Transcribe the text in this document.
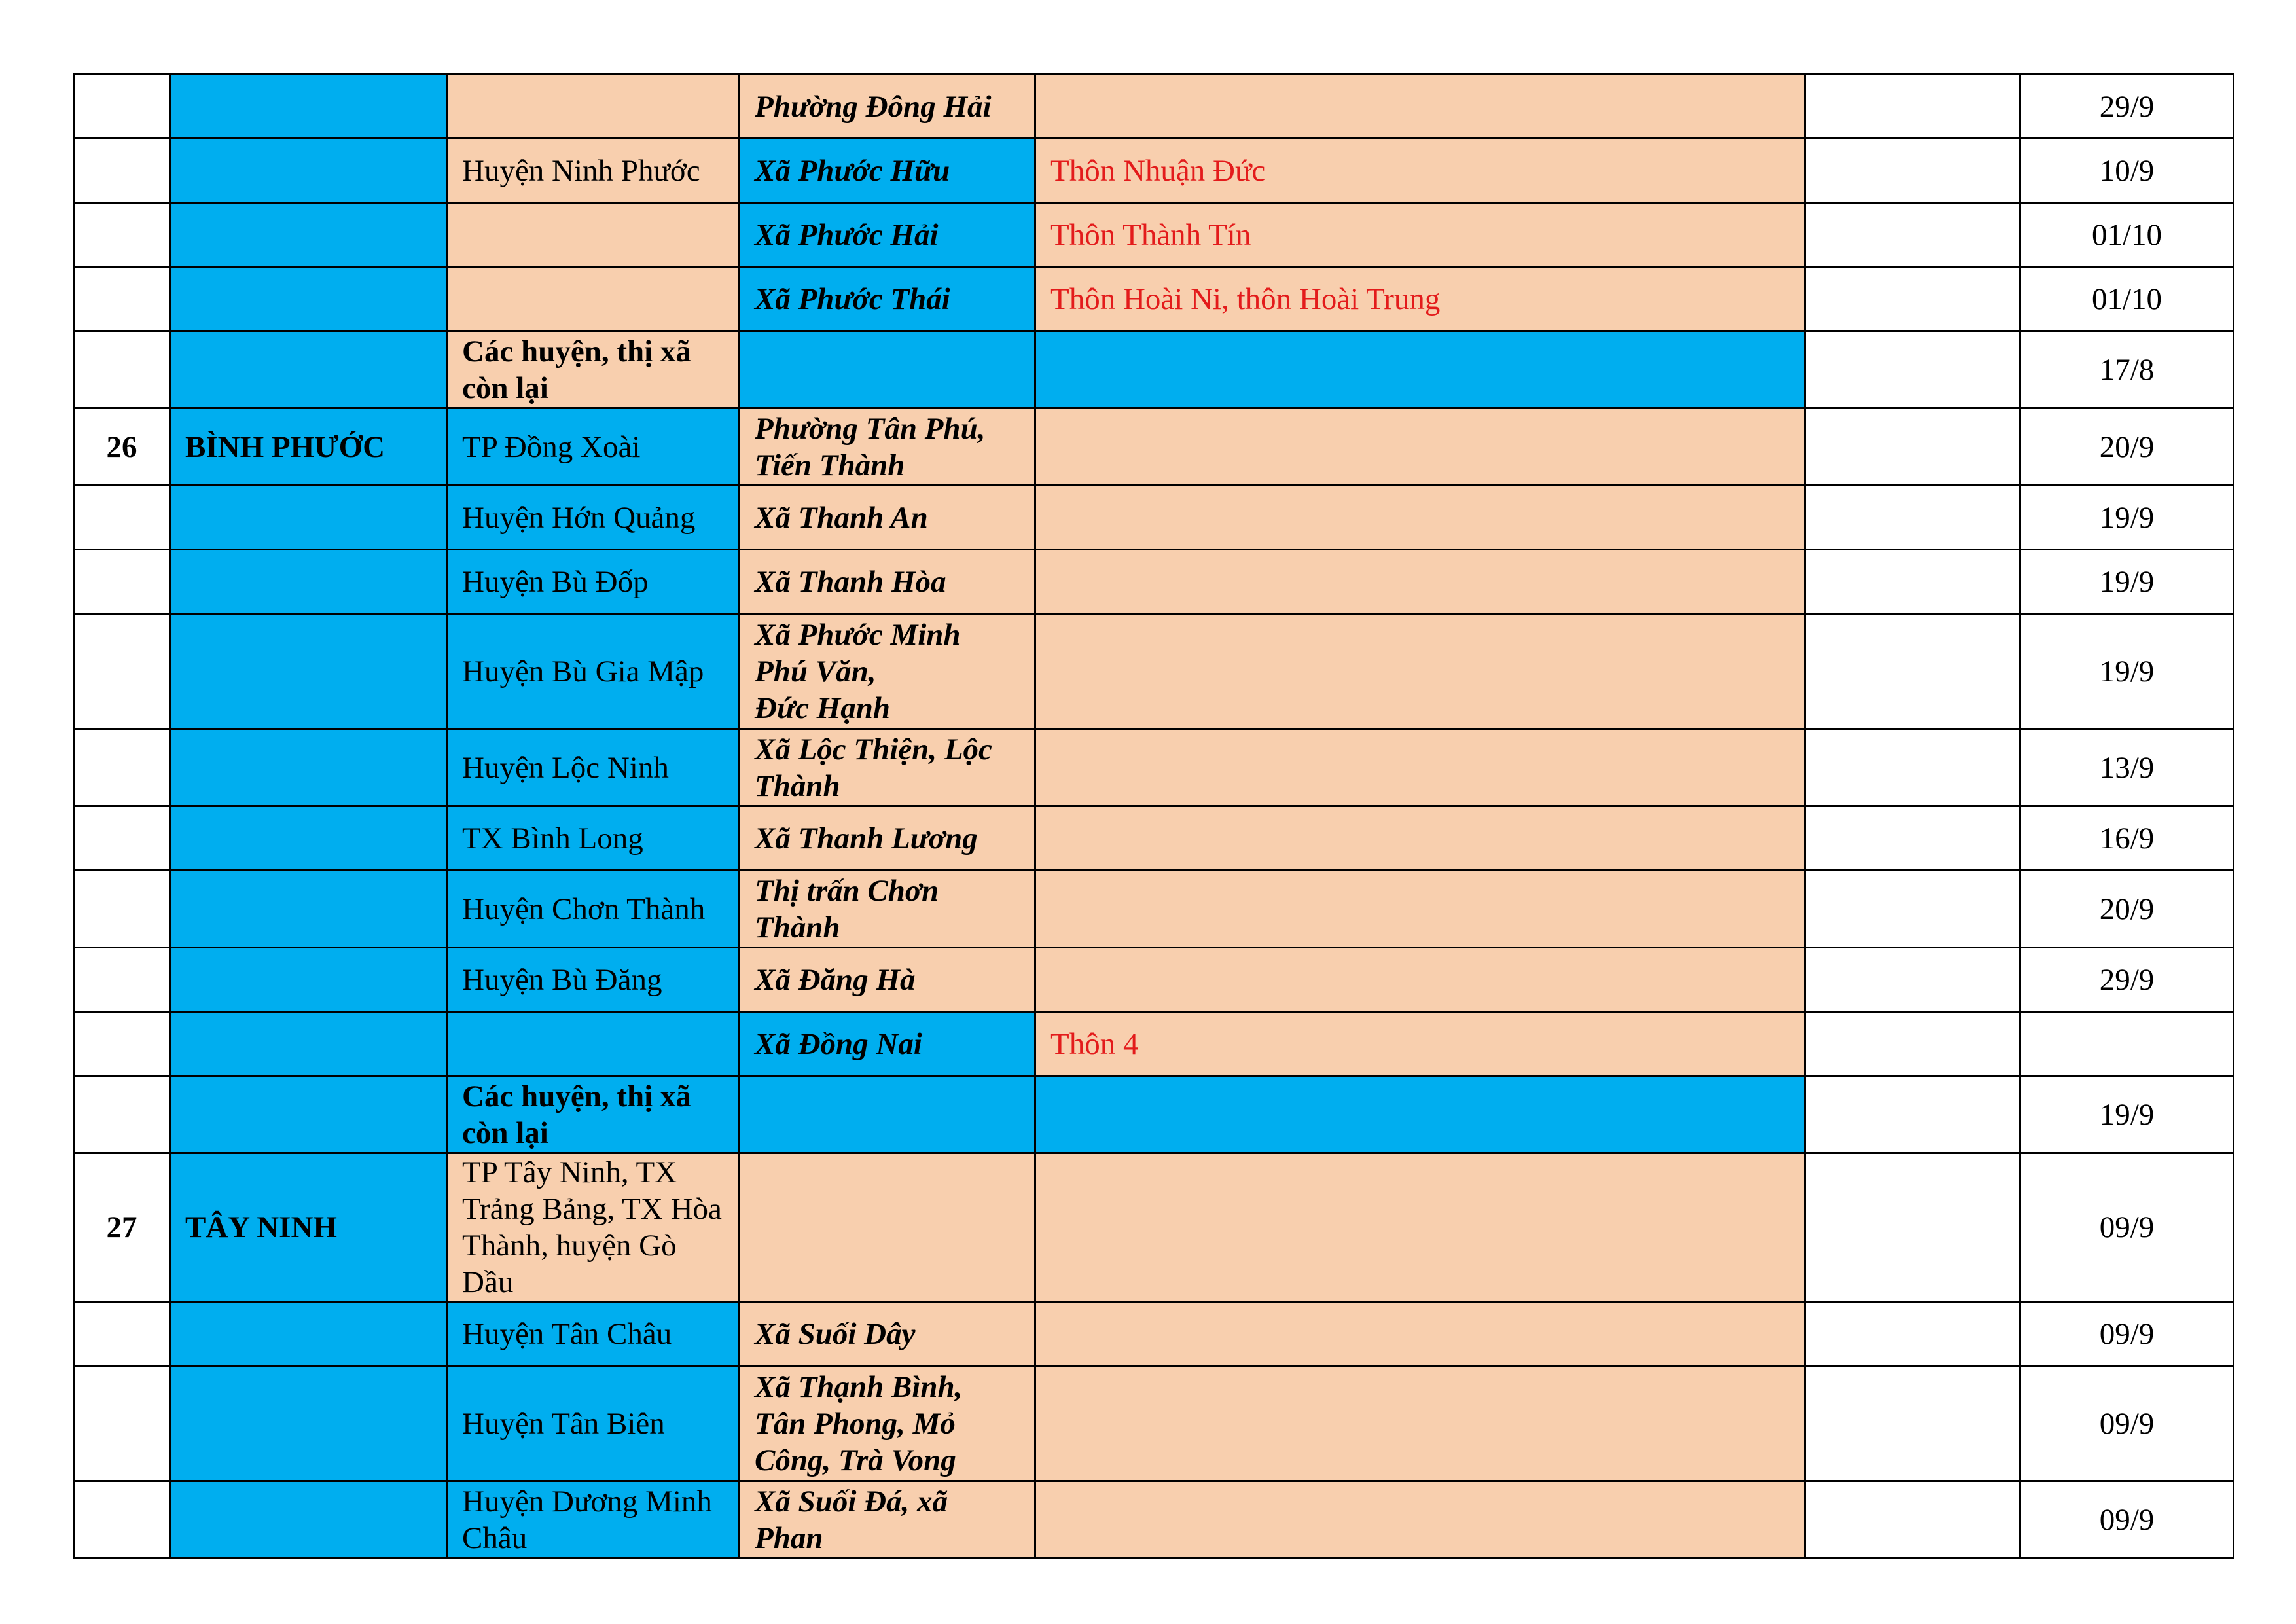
			Phường Đông Hải			29/9
		Huyện Ninh Phước	Xã Phước Hữu	Thôn Nhuận Đức		10/9
			Xã Phước Hải	Thôn Thành Tín		01/10
			Xã Phước Thái	Thôn Hoài Ni, thôn Hoài Trung		01/10
		Các huyện, thị xã còn lại				17/8
26	BÌNH PHƯỚC	TP Đồng Xoài	Phường Tân Phú, Tiến Thành			20/9
		Huyện Hớn Quảng	Xã Thanh An			19/9
		Huyện Bù Đốp	Xã Thanh Hòa			19/9
		Huyện Bù Gia Mập	Xã Phước Minh Phú Văn,
Đức Hạnh			19/9
		Huyện Lộc Ninh	Xã Lộc Thiện, Lộc Thành			13/9
		TX Bình Long	Xã Thanh Lương			16/9
		Huyện Chơn Thành	Thị trấn Chơn Thành			20/9
		Huyện Bù Đăng	Xã Đăng Hà			29/9
			Xã Đồng Nai	Thôn 4		
		Các huyện, thị xã còn lại				19/9
27	TÂY NINH	TP Tây Ninh, TX Trảng Bảng, TX Hòa Thành, huyện Gò Dầu				09/9
		Huyện Tân Châu	Xã Suối Dây			09/9
		Huyện Tân Biên	Xã Thạnh Bình, Tân Phong, Mỏ Công, Trà Vong			09/9
		Huyện Dương Minh Châu	Xã Suối Đá, xã Phan			09/9
